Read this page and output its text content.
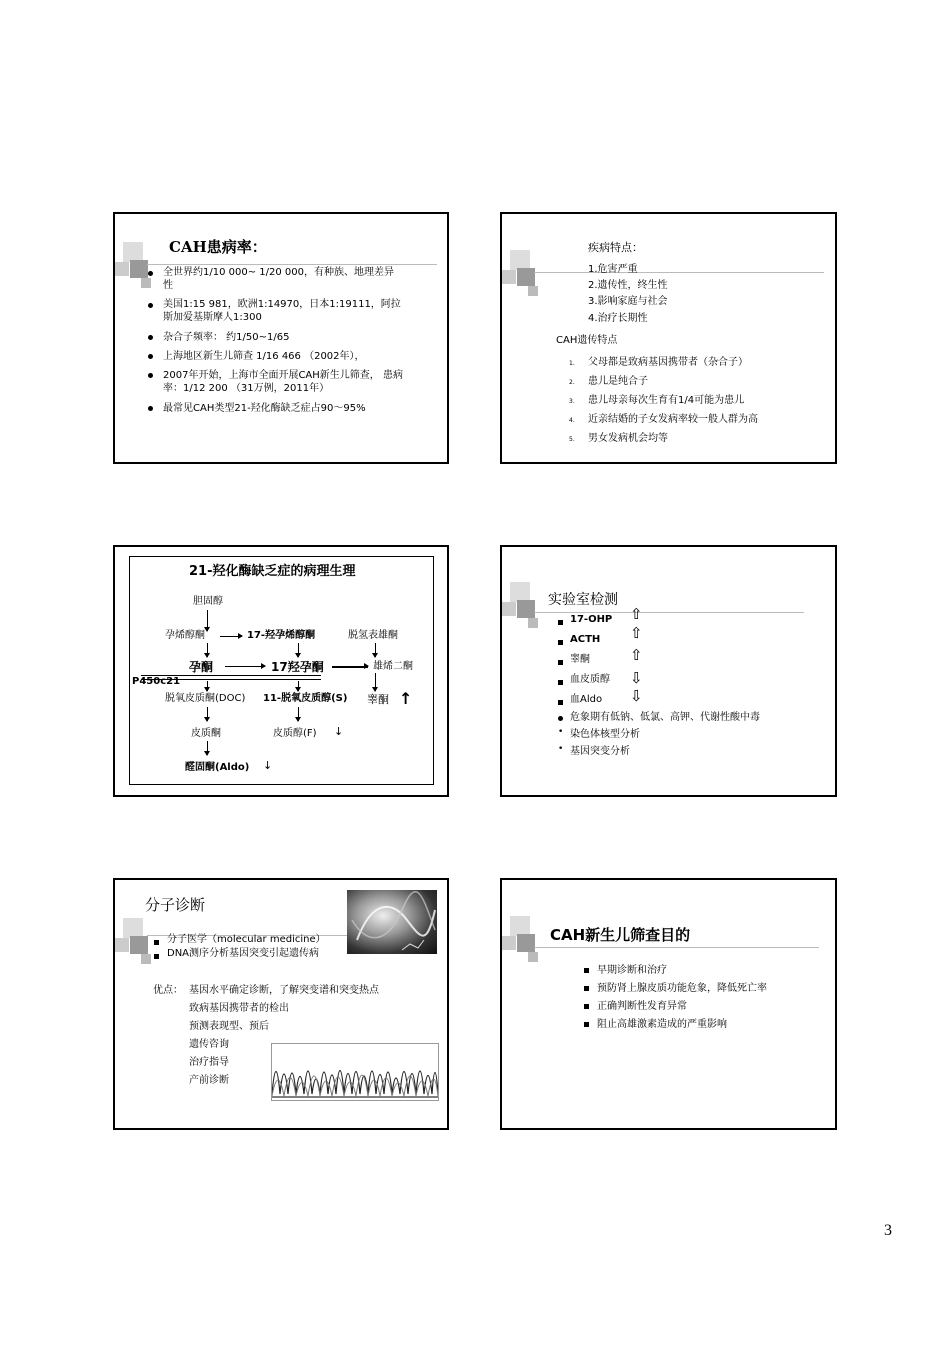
CAH患病率：
全世界约1/10 000~ 1/20 000，有种族、地理差异
性
美国1:15 981，欧洲1:14970，日本1:19111，阿拉
斯加爱基斯摩人1:300
杂合子频率： 约1/50~1/65
上海地区新生儿筛查 1/16 466 （2002年），
2007年开始，上海市全面开展CAH新生儿筛查， 患病
率：1/12 200 （31万例，2011年）
最常见CAH类型21-羟化酶缺乏症占90～95%
疾病特点：
1.危害严重
2.遗传性，终生性
3.影响家庭与社会
4.治疗长期性
CAH遗传特点
1. 父母都是致病基因携带者（杂合子）
2. 患儿是纯合子
3. 患儿母亲每次生育有1/4可能为患儿
4. 近亲结婚的子女发病率较一般人群为高
5. 男女发病机会均等
21-羟化酶缺乏症的病理生理
胆固醇
孕烯醇酮	17-羟孕烯醇酮	脱氢表雄酮
孕酮	17羟孕酮	雄烯二酮
P450c21
脱氧皮质酮(DOC) 11-脱氧皮质醇(S) 睾酮 ↑
皮质酮	皮质醇(F) ↓
醛固酮(Aldo) ↓
实验室检测
17-OHP ⇧
ACTH ⇧
睾酮	⇧
血皮质醇 ⇩
血Aldo ⇩
危象期有低钠、低氯、高钾、代谢性酸中毒
• 染色体核型分析
• 基因突变分析
分子诊断
分子医学（molecular medicine）
DNA测序分析基因突变引起遗传病
优点： 基因水平确定诊断，了解突变谱和突变热点
致病基因携带者的检出
预测表现型、预后
遗传咨询
治疗指导
产前诊断
CAH新生儿筛查目的
早期诊断和治疗
预防肾上腺皮质功能危象，降低死亡率
正确判断性发育异常
阻止高雄激素造成的严重影响
3
